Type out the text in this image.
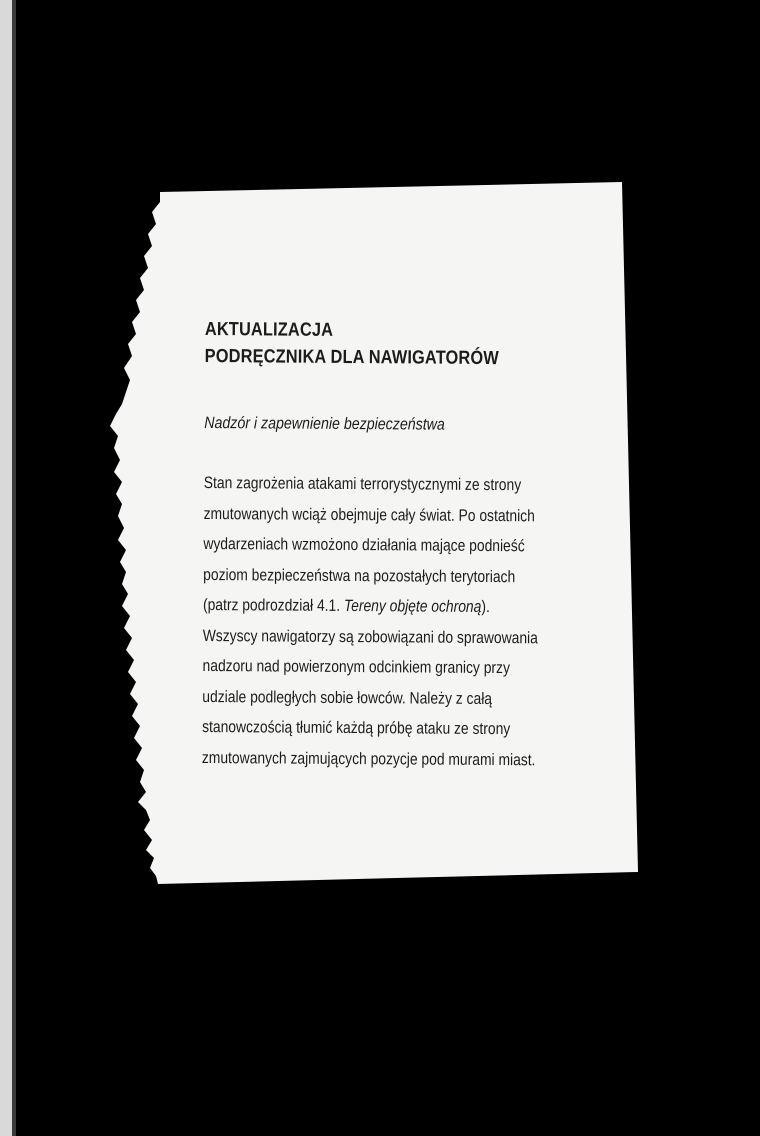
AKTUALIZACJA
PODRĘCZNIKA DLA NAWIGATORÓW
Nadzór i zapewnienie bezpieczeństwa
Stan zagrożenia atakami terrorystycznymi ze strony
zmutowanych wciąż obejmuje cały świat. Po ostatnich
wydarzeniach wzmożono działania mające podnieść
poziom bezpieczeństwa na pozostałych terytoriach
(patrz podrozdział 4.1. Tereny objęte ochroną).
Wszyscy nawigatorzy są zobowiązani do sprawowania
nadzoru nad powierzonym odcinkiem granicy przy
udziale podległych sobie łowców. Należy z całą
stanowczością tłumić każdą próbę ataku ze strony
zmutowanych zajmujących pozycje pod murami miast.
